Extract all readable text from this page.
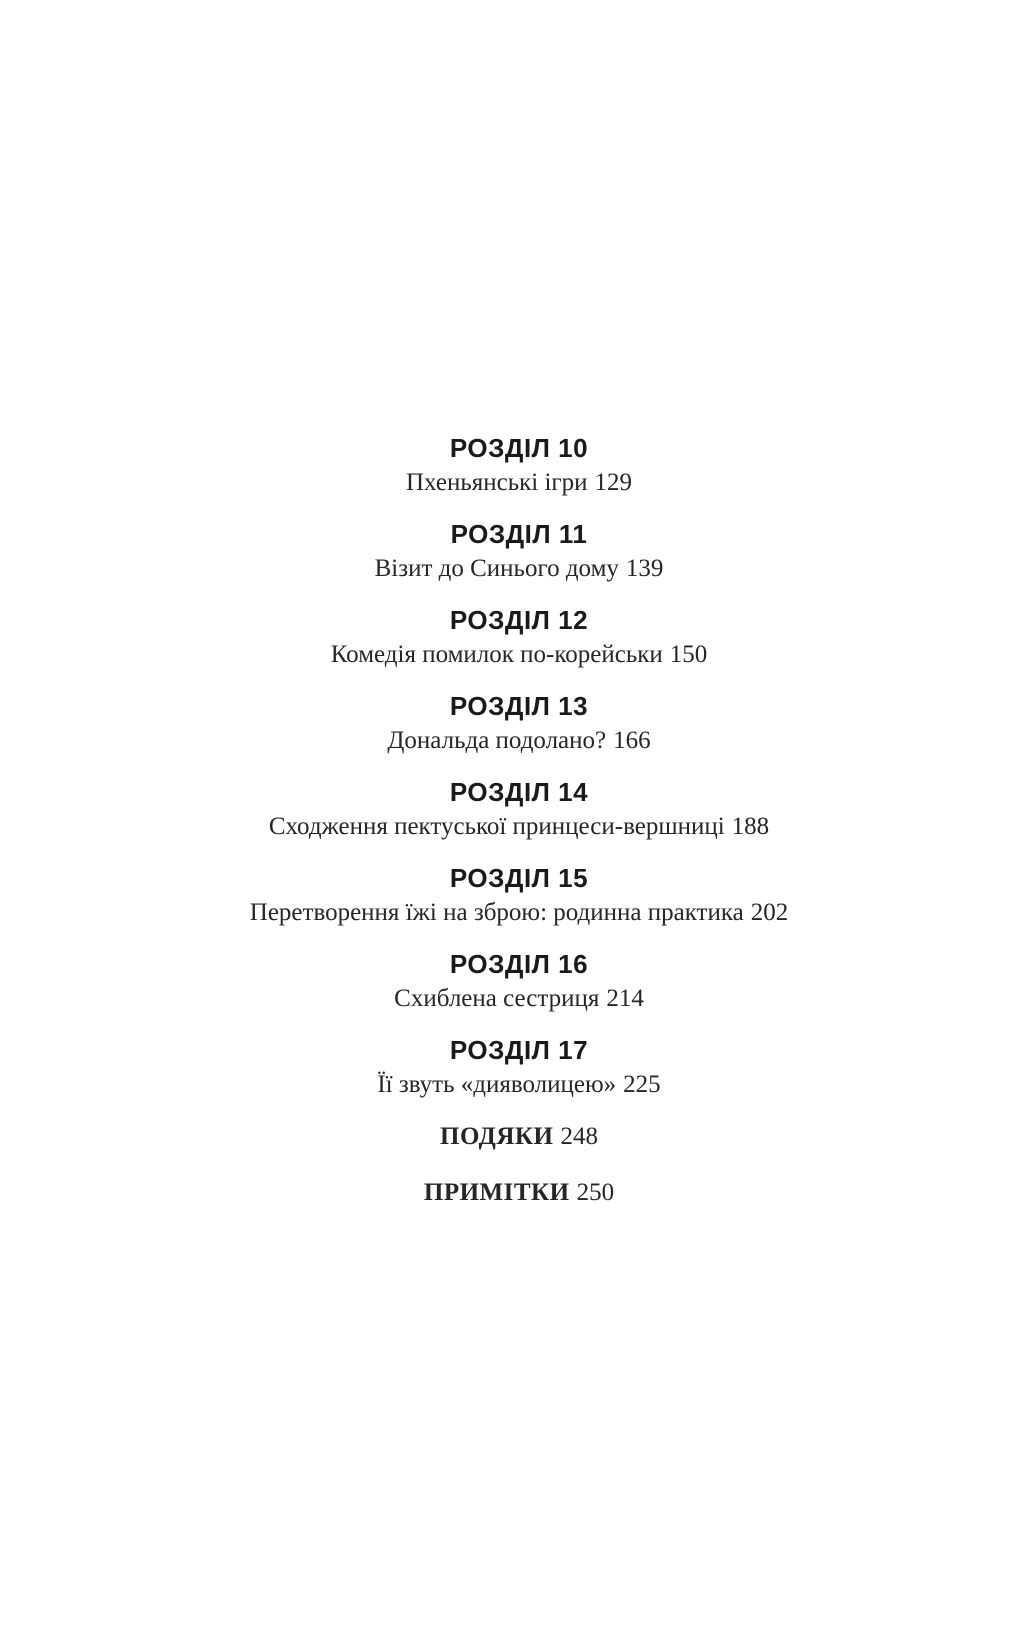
РОЗДІЛ 10
Пхеньянські ігри 129
РОЗДІЛ 11
Візит до Синього дому 139
РОЗДІЛ 12
Комедія помилок по-корейськи 150
РОЗДІЛ 13
Дональда подолано? 166
РОЗДІЛ 14
Сходження пектуської принцеси-вершниці 188
РОЗДІЛ 15
Перетворення їжі на зброю: родинна практика 202
РОЗДІЛ 16
Схиблена сестриця 214
РОЗДІЛ 17
Її звуть «дияволицею» 225
ПОДЯКИ 248
ПРИМІТКИ 250
